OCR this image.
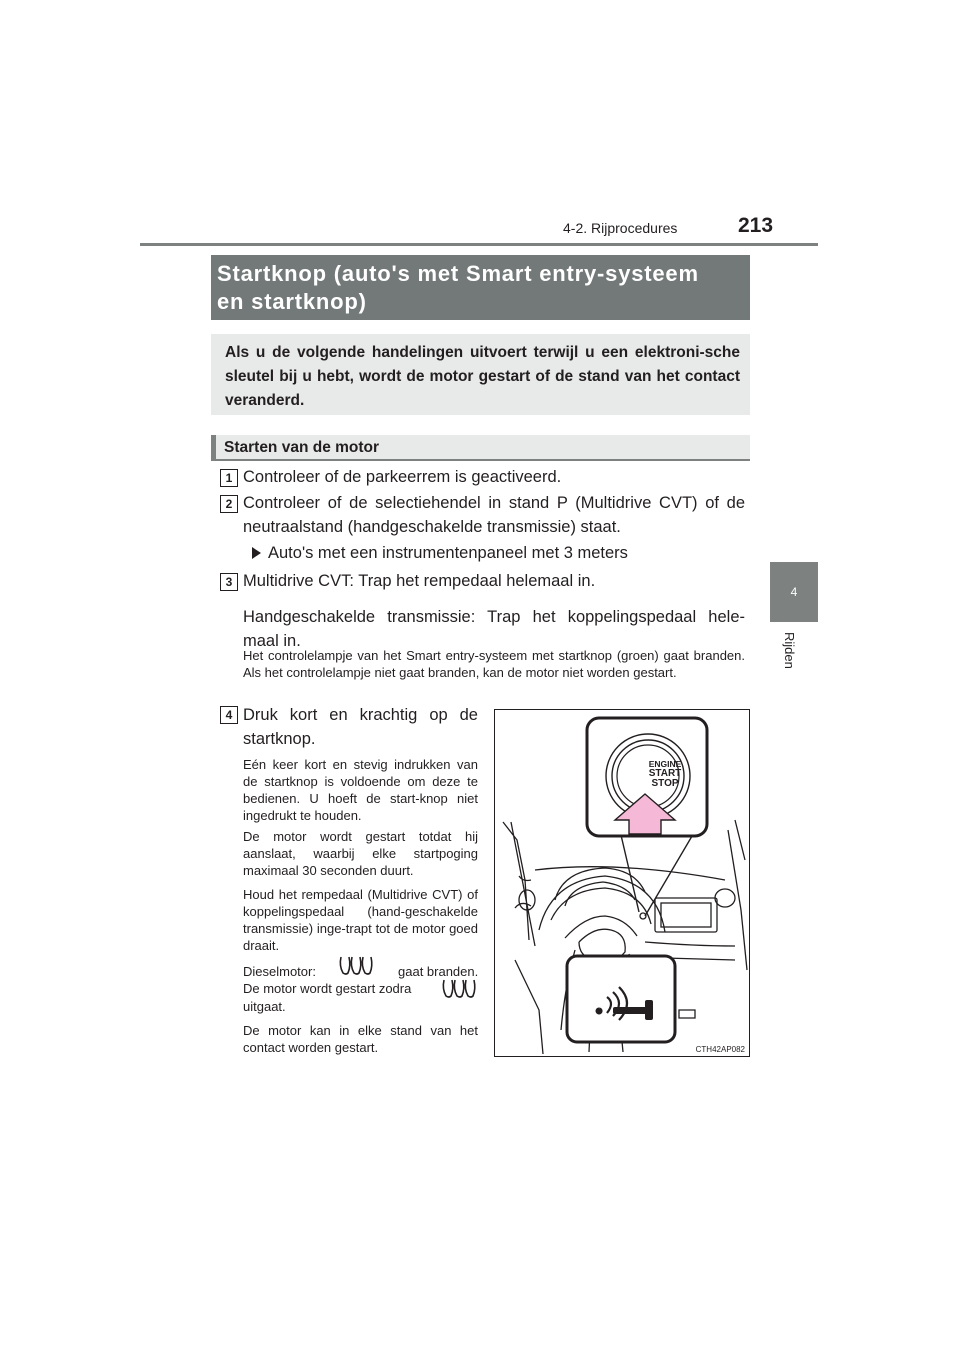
4-2. Rijprocedures	213
4
Rijden
Startknop (auto's met Smart entry-systeem
en startknop)
Als u de volgende handelingen uitvoert terwijl u een elektroni-sche sleutel bij u hebt, wordt de motor gestart of de stand van het contact veranderd.
Starten van de motor
1 Controleer of de parkeerrem is geactiveerd.
2 Controleer of de selectiehendel in stand P (Multidrive CVT) of de
neutraalstand (handgeschakelde transmissie) staat.
Auto's met een instrumentenpaneel met 3 meters
3 Multidrive CVT: Trap het rempedaal helemaal in.
Handgeschakelde transmissie: Trap het koppelingspedaal hele-
maal in.
Het controlelampje van het Smart entry-systeem met startknop (groen) gaat branden. Als het controlelampje niet gaat branden, kan de motor niet worden gestart.
4 Druk kort en krachtig op de
startknop.
Eén keer kort en stevig indrukken van de startknop is voldoende om deze te bedienen. U hoeft de start-knop niet ingedrukt te houden.
De motor wordt gestart totdat hij aanslaat, waarbij elke startpoging maximaal 30 seconden duurt.
Houd het rempedaal (Multidrive CVT) of koppelingspedaal (hand-geschakelde transmissie) inge-trapt tot de motor goed draait.
Dieselmotor:	gaat branden.
De motor wordt gestart zodra
uitgaat.
De motor kan in elke stand van het contact worden gestart.
ENGINE
START
STOP
CTH42AP082
